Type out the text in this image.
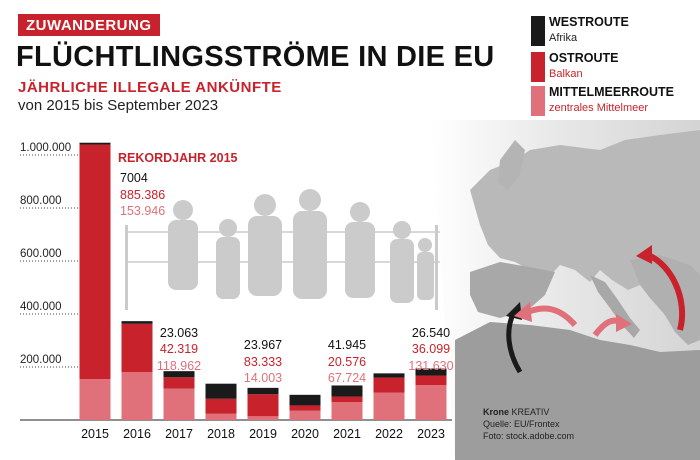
ZUWANDERUNG
FLÜCHTLINGSSTRÖME IN DIE EU
JÄHRLICHE ILLEGALE ANKÜNFTE
von 2015 bis September 2023
WESTROUTE
Afrika
OSTROUTE
Balkan
MITTELMEERROUTE
zentrales Mittelmeer
200.000
400.000
600.000
800.000
1.000.000
2015 2016 2017 2018 2019 2020 2021 2022 2023
REKORDJAHR 2015
7004
885.386
153.946
23.063
42.319
118.962
23.967
83.333
14.003
41.945
20.576
67.724
26.540
36.099
131.630
Krone KREATIV
Quelle: EU/Frontex
Foto: stock.adobe.com
